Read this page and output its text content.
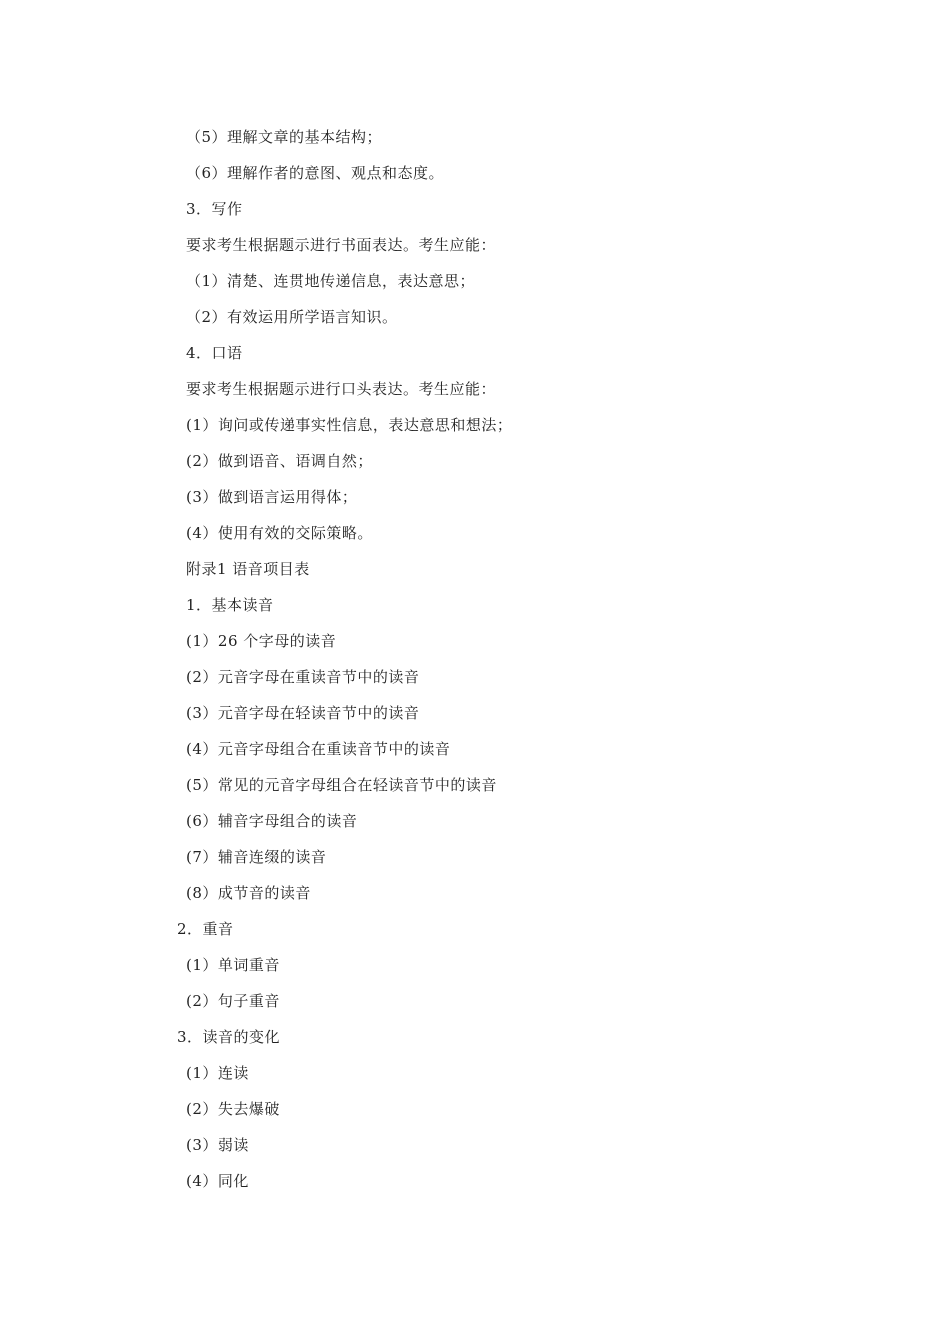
（5）理解文章的基本结构；
（6）理解作者的意图、观点和态度。
3．写作
要求考生根据题示进行书面表达。考生应能：
（1）清楚、连贯地传递信息，表达意思；
（2）有效运用所学语言知识。
4．口语
要求考生根据题示进行口头表达。考生应能：
(1）询问或传递事实性信息，表达意思和想法；
(2）做到语音、语调自然；
(3）做到语言运用得体；
(4）使用有效的交际策略。
附录1 语音项目表
1．基本读音
(1）26 个字母的读音
(2）元音字母在重读音节中的读音
(3）元音字母在轻读音节中的读音
(4）元音字母组合在重读音节中的读音
(5）常见的元音字母组合在轻读音节中的读音
(6）辅音字母组合的读音
(7）辅音连缀的读音
(8）成节音的读音
2．重音
(1）单词重音
(2）句子重音
3．读音的变化
(1）连读
(2）失去爆破
(3）弱读
(4）同化
